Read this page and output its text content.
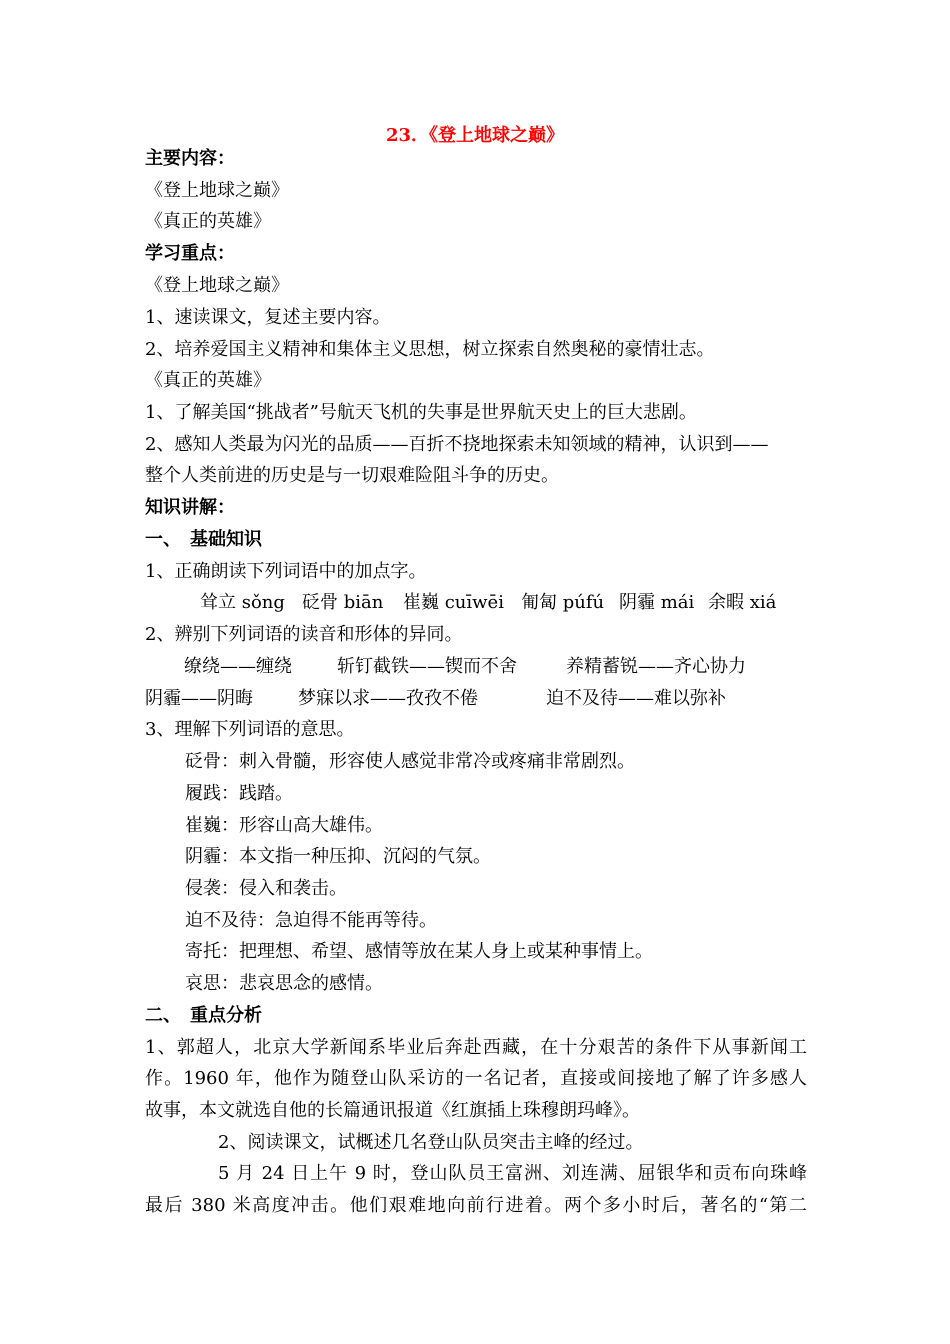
23．《登上地球之巅》
主要内容：
《登上地球之巅》
《真正的英雄》
学习重点：
《登上地球之巅》
1、速读课文，复述主要内容。
2、培养爱国主义精神和集体主义思想，树立探索自然奥秘的豪情壮志。
《真正的英雄》
1、了解美国“挑战者”号航天飞机的失事是世界航天史上的巨大悲剧。
2、感知人类最为闪光的品质——百折不挠地探索未知领域的精神，认识到——
整个人类前进的历史是与一切艰难险阻斗争的历史。
知识讲解：
一、　基础知识
1、正确朗读下列词语中的加点字。
耸立 sǒng 砭骨 biān 崔巍 cuīwēi 匍匐 púfú 阴霾 mái 余暇 xiá
2、辨别下列词语的读音和形体的异同。
缭绕——缠绕	斩钉截铁——锲而不舍	养精蓄锐——齐心协力
阴霾——阴晦	梦寐以求——孜孜不倦	迫不及待——难以弥补
3、理解下列词语的意思。
砭骨：刺入骨髓，形容使人感觉非常冷或疼痛非常剧烈。
履践：践踏。
崔巍：形容山高大雄伟。
阴霾：本文指一种压抑、沉闷的气氛。
侵袭：侵入和袭击。
迫不及待：急迫得不能再等待。
寄托：把理想、希望、感情等放在某人身上或某种事情上。
哀思：悲哀思念的感情。
二、　重点分析
1、郭超人，北京大学新闻系毕业后奔赴西藏，在十分艰苦的条件下从事新闻工
作。1960 年，他作为随登山队采访的一名记者，直接或间接地了解了许多感人
故事，本文就选自他的长篇通讯报道《红旗插上珠穆朗玛峰》。
2、阅读课文，试概述几名登山队员突击主峰的经过。
5 月 24 日上午 9 时，登山队员王富洲、刘连满、屈银华和贡布向珠峰
最后 380 米高度冲击。他们艰难地向前行进着。两个多小时后，著名的“第二
